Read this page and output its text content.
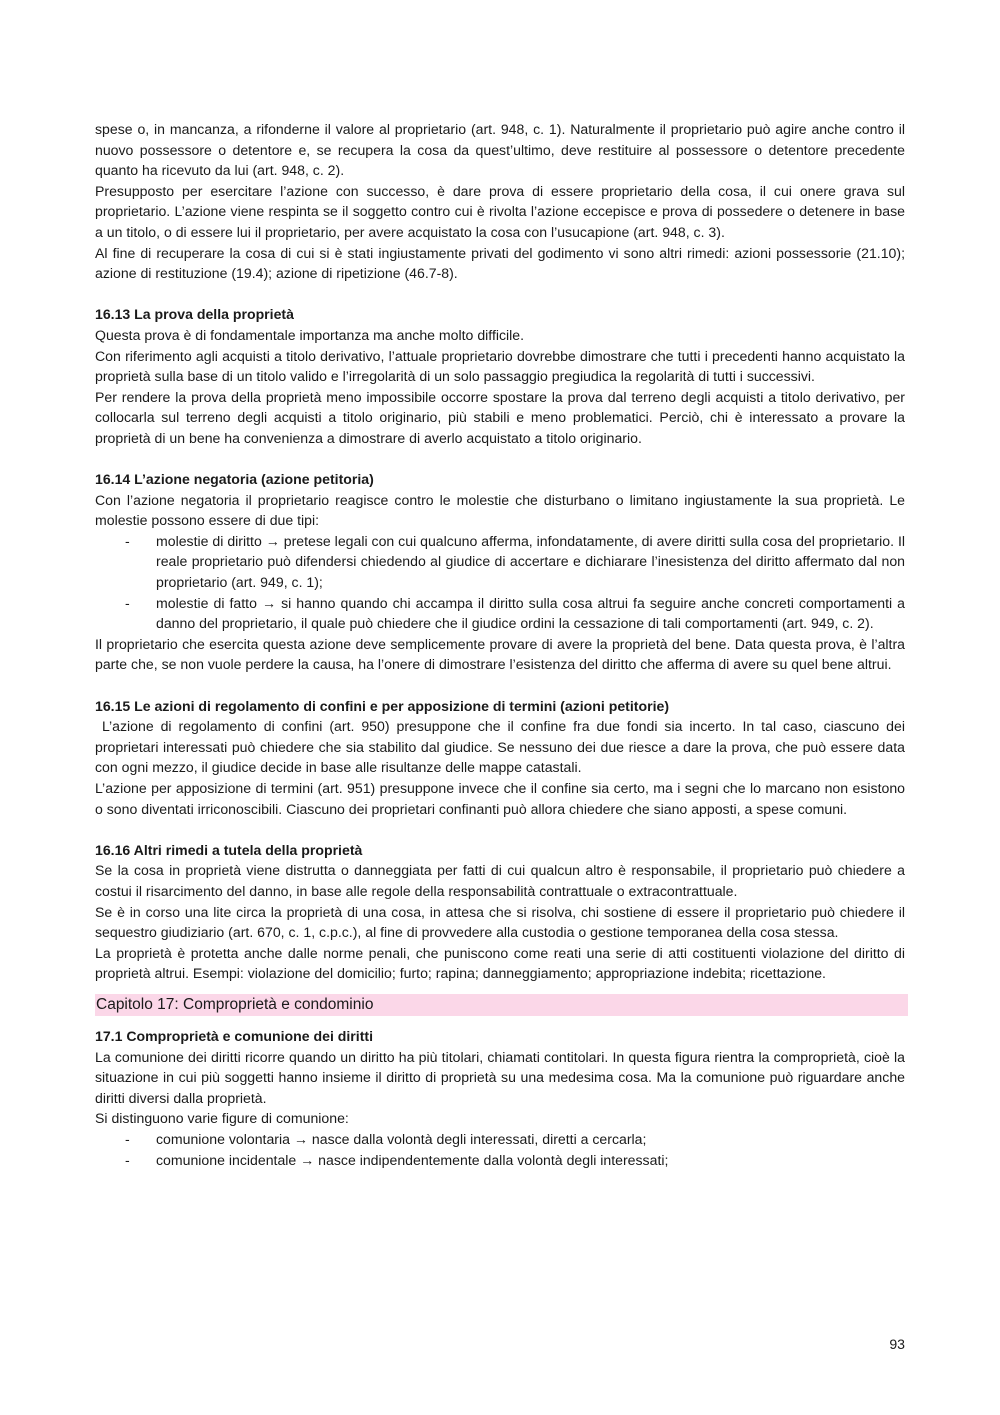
spese o, in mancanza, a rifonderne il valore al proprietario (art. 948, c. 1). Naturalmente il proprietario può agire anche contro il nuovo possessore o detentore e, se recupera la cosa da quest’ultimo, deve restituire al possessore o detentore precedente quanto ha ricevuto da lui (art. 948, c. 2).

Presupposto per esercitare l’azione con successo, è dare prova di essere proprietario della cosa, il cui onere grava sul proprietario. L’azione viene respinta se il soggetto contro cui è rivolta l’azione eccepisce e prova di possedere o detenere in base a un titolo, o di essere lui il proprietario, per avere acquistato la cosa con l’usucapione (art. 948, c. 3).

Al fine di recuperare la cosa di cui si è stati ingiustamente privati del godimento vi sono altri rimedi: azioni possessorie (21.10); azione di restituzione (19.4); azione di ripetizione (46.7-8).

16.13 La prova della proprietà

Questa prova è di fondamentale importanza ma anche molto difficile.

Con riferimento agli acquisti a titolo derivativo, l’attuale proprietario dovrebbe dimostrare che tutti i precedenti hanno acquistato la proprietà sulla base di un titolo valido e l’irregolarità di un solo passaggio pregiudica la regolarità di tutti i successivi.

Per rendere la prova della proprietà meno impossibile occorre spostare la prova dal terreno degli acquisti a titolo derivativo, per collocarla sul terreno degli acquisti a titolo originario, più stabili e meno problematici. Perciò, chi è interessato a provare la proprietà di un bene ha convenienza a dimostrare di averlo acquistato a titolo originario.

16.14 L’azione negatoria (azione petitoria)

Con l’azione negatoria il proprietario reagisce contro le molestie che disturbano o limitano ingiustamente la sua proprietà. Le molestie possono essere di due tipi:

- molestie di diritto → pretese legali con cui qualcuno afferma, infondatamente, di avere diritti sulla cosa del proprietario. Il reale proprietario può difendersi chiedendo al giudice di accertare e dichiarare l’inesistenza del diritto affermato dal non proprietario (art. 949, c. 1);
- molestie di fatto → si hanno quando chi accampa il diritto sulla cosa altrui fa seguire anche concreti comportamenti a danno del proprietario, il quale può chiedere che il giudice ordini la cessazione di tali comportamenti (art. 949, c. 2).

Il proprietario che esercita questa azione deve semplicemente provare di avere la proprietà del bene. Data questa prova, è l’altra parte che, se non vuole perdere la causa, ha l’onere di dimostrare l’esistenza del diritto che afferma di avere su quel bene altrui.

16.15 Le azioni di regolamento di confini e per apposizione di termini (azioni petitorie)

L’azione di regolamento di confini (art. 950) presuppone che il confine fra due fondi sia incerto. In tal caso, ciascuno dei proprietari interessati può chiedere che sia stabilito dal giudice. Se nessuno dei due riesce a dare la prova, che può essere data con ogni mezzo, il giudice decide in base alle risultanze delle mappe catastali.

L’azione per apposizione di termini (art. 951) presuppone invece che il confine sia certo, ma i segni che lo marcano non esistono o sono diventati irriconoscibili. Ciascuno dei proprietari confinanti può allora chiedere che siano apposti, a spese comuni.

16.16 Altri rimedi a tutela della proprietà

Se la cosa in proprietà viene distrutta o danneggiata per fatti di cui qualcun altro è responsabile, il proprietario può chiedere a costui il risarcimento del danno, in base alle regole della responsabilità contrattuale o extracontrattuale.

Se è in corso una lite circa la proprietà di una cosa, in attesa che si risolva, chi sostiene di essere il proprietario può chiedere il sequestro giudiziario (art. 670, c. 1, c.p.c.), al fine di provvedere alla custodia o gestione temporanea della cosa stessa.

La proprietà è protetta anche dalle norme penali, che puniscono come reati una serie di atti costituenti violazione del diritto di proprietà altrui. Esempi: violazione del domicilio; furto; rapina; danneggiamento; appropriazione indebita; ricettazione.

Capitolo 17: Comproprietà e condominio
17.1 Comproprietà e comunione dei diritti

La comunione dei diritti ricorre quando un diritto ha più titolari, chiamati contitolari. In questa figura rientra la comproprietà, cioè la situazione in cui più soggetti hanno insieme il diritto di proprietà su una medesima cosa. Ma la comunione può riguardare anche diritti diversi dalla proprietà.

Si distinguono varie figure di comunione:

- comunione volontaria → nasce dalla volontà degli interessati, diretti a cercarla;
- comunione incidentale → nasce indipendentemente dalla volontà degli interessati;
93
